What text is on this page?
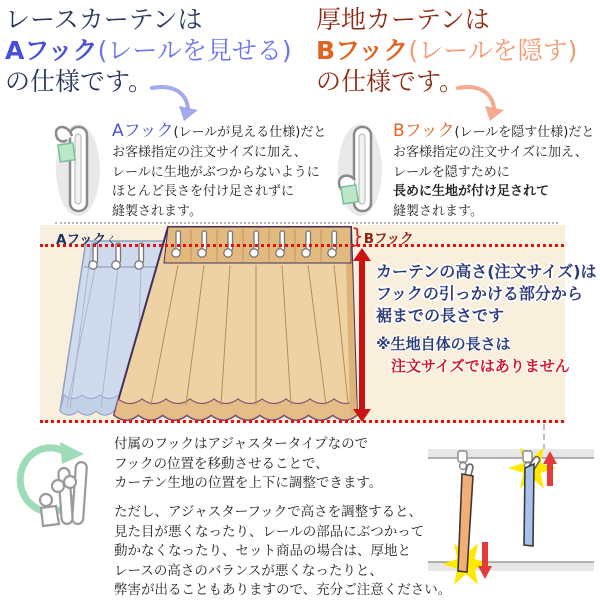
レースカーテンは
Aフック(レールを見せる)
の仕様です。
厚地カーテンは
Bフック(レールを隠す)
の仕様です。
Aフック(レールが見える仕様)だと
お客様指定の注文サイズに加え、
レールに生地がぶつからないように
ほとんど長さを付け足されずに
縫製されます。
Bフック(レールを隠す仕様)だと
お客様指定の注文サイズに加え、
レールを隠すために
長めに生地が付け足されて
縫製されます。
Aフックく	}Bフック
カーテンの高さ(注文サイズ)は
フックの引っかける部分から
裾までの長さです
※生地自体の長さは
注文サイズではありません
付属のフックはアジャスタータイプなので
フックの位置を移動させることで、
カーテン生地の位置を上下に調整できます。
ただし、アジャスターフックで高さを調整すると、
見た目が悪くなったり、レールの部品にぶつかって
動かなくなったり、セット商品の場合は、厚地と
レースの高さのバランスが悪くなったりと、
弊害が出ることもありますので、充分ご注意ください。
